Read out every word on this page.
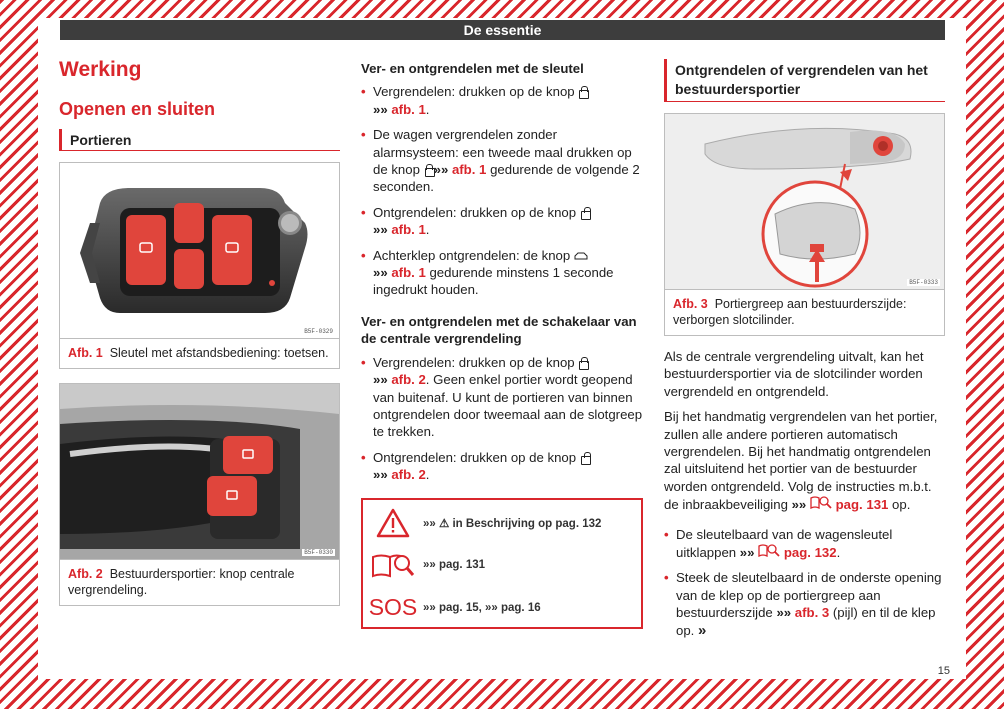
De essentie
Werking
Openen en sluiten
Portieren
B5F-0329
Afb. 1 Sleutel met afstandsbediening: toetsen.
B5F-0330
Afb. 2 Bestuurdersportier: knop centrale vergrendeling.
Ver- en ontgrendelen met de sleutel
• Vergrendelen: drukken op de knop
»» afb. 1.
• De wagen vergrendelen zonder alarmsysteem: een tweede maal drukken op de knop »» afb. 1 gedurende de volgende 2 seconden.
• Ontgrendelen: drukken op de knop
»» afb. 1.
• Achterklep ontgrendelen: de knop
»» afb. 1 gedurende minstens 1 seconde ingedrukt houden.
Ver- en ontgrendelen met de schakelaar van de centrale vergrendeling
• Vergrendelen: drukken op de knop
»» afb. 2. Geen enkel portier wordt geopend van buitenaf. U kunt de portieren van binnen ontgrendelen door tweemaal aan de slotgreep te trekken.
• Ontgrendelen: drukken op de knop
»» afb. 2.
»» ⚠ in Beschrijving op pag. 132
»» pag. 131
SOS »» pag. 15, »» pag. 16
Ontgrendelen of vergrendelen van het bestuurdersportier
B5F-0333
Afb. 3 Portiergreep aan bestuurderszijde: verborgen slotcilinder.
Als de centrale vergrendeling uitvalt, kan het bestuurdersportier via de slotcilinder worden vergrendeld en ontgrendeld.
Bij het handmatig vergrendelen van het portier, zullen alle andere portieren automatisch vergrendelen. Bij het handmatig ontgrendelen zal uitsluitend het portier van de bestuurder worden ontgrendeld. Volg de instructies m.b.t. de inbraakbeveiliging »» pag. 131 op.
• De sleutelbaard van de wagensleutel uitklappen »» pag. 132.
• Steek de sleutelbaard in de onderste opening van de klep op de portiergreep aan bestuurderszijde »» afb. 3 (pijl) en til de klep op. »
15
